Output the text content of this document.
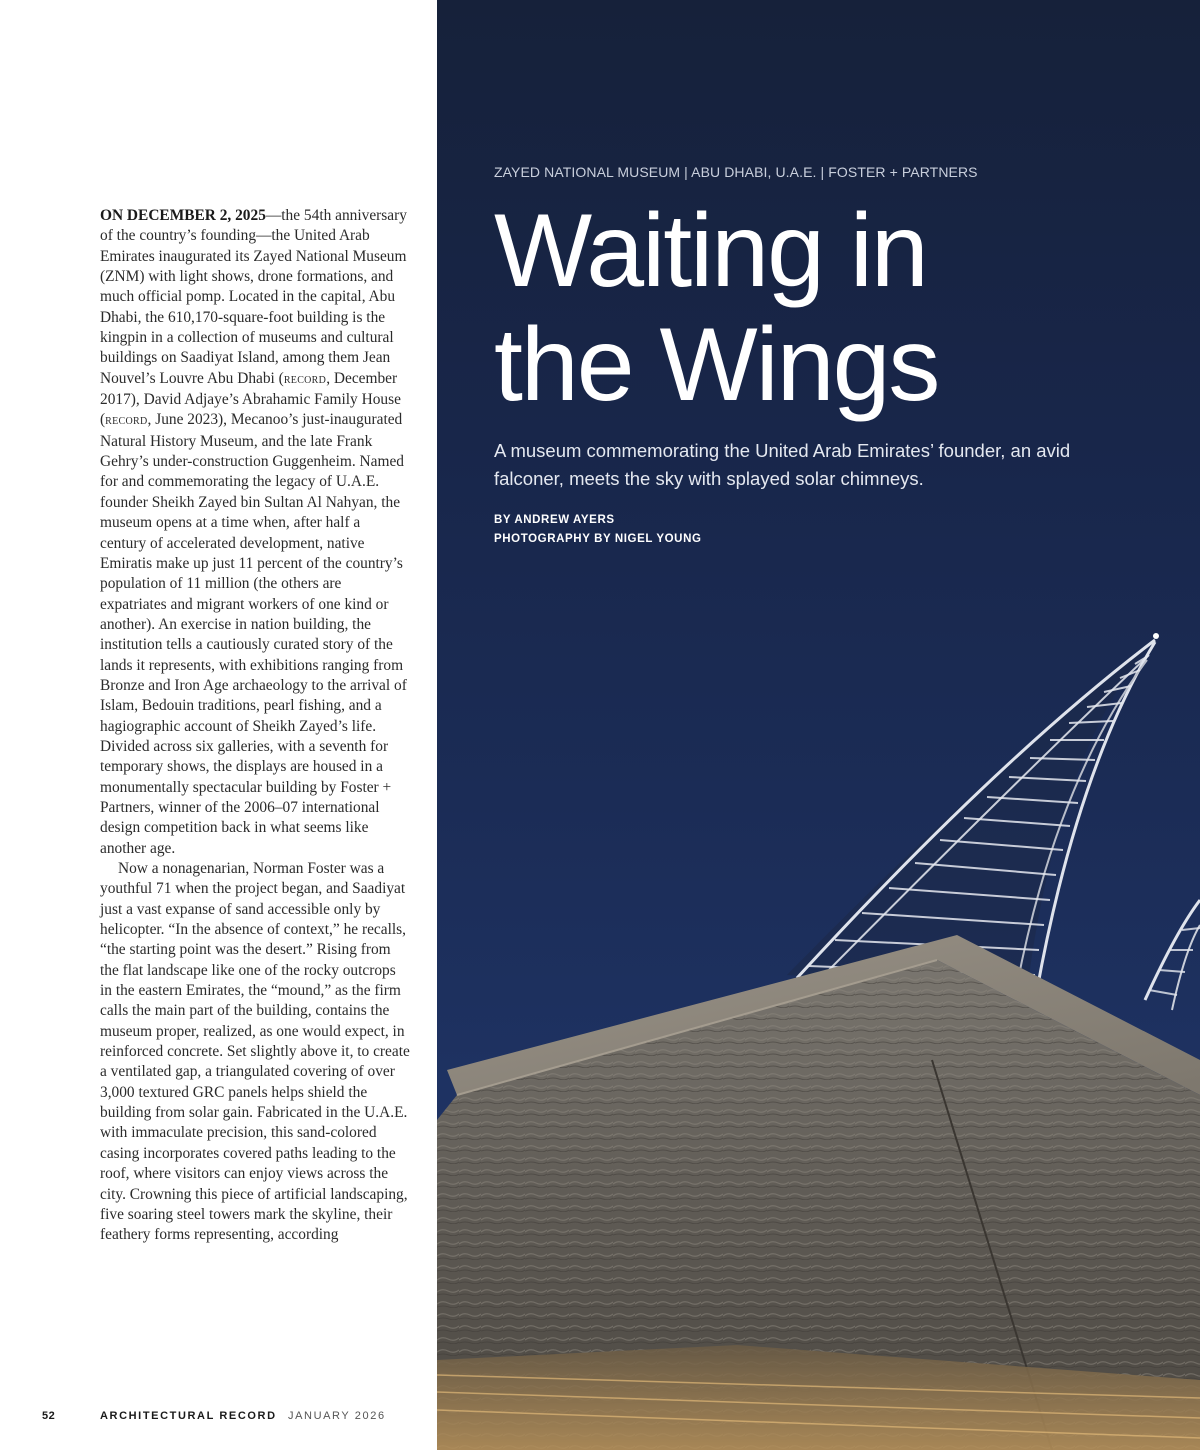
ON DECEMBER 2, 2025—the 54th anniversary of the country’s founding—the United Arab Emirates inaugurated its Zayed National Museum (ZNM) with light shows, drone formations, and much official pomp. Located in the capital, Abu Dhabi, the 610,170-square-foot building is the kingpin in a collection of museums and cultural buildings on Saadiyat Island, among them Jean Nouvel’s Louvre Abu Dhabi (record, December 2017), David Adjaye’s Abrahamic Family House (record, June 2023), Mecanoo’s just-inaugurated Natural History Museum, and the late Frank Gehry’s under-construction Guggenheim. Named for and commemorating the legacy of U.A.E. founder Sheikh Zayed bin Sultan Al Nahyan, the museum opens at a time when, after half a century of accelerated development, native Emiratis make up just 11 percent of the country’s population of 11 million (the others are expatriates and migrant workers of one kind or another). An exercise in nation building, the institution tells a cautiously curated story of the lands it represents, with exhibitions ranging from Bronze and Iron Age archaeology to the arrival of Islam, Bedouin traditions, pearl fishing, and a hagiographic account of Sheikh Zayed’s life. Divided across six galleries, with a seventh for temporary shows, the displays are housed in a monumentally spectacular building by Foster + Partners, winner of the 2006–07 international design competition back in what seems like another age.

Now a nonagenarian, Norman Foster was a youthful 71 when the project began, and Saadiyat just a vast expanse of sand accessible only by helicopter. “In the absence of context,” he recalls, “the starting point was the desert.” Rising from the flat landscape like one of the rocky outcrops in the eastern Emirates, the “mound,” as the firm calls the main part of the building, contains the museum proper, realized, as one would expect, in reinforced concrete. Set slightly above it, to create a ventilated gap, a triangulated covering of over 3,000 textured GRC panels helps shield the building from solar gain. Fabricated in the U.A.E. with immaculate precision, this sand-colored casing incorporates covered paths leading to the roof, where visitors can enjoy views across the city. Crowning this piece of artificial landscaping, five soaring steel towers mark the skyline, their feathery forms representing, according

52	ARCHITECTURAL RECORD JANUARY 2026
ZAYED NATIONAL MUSEUM | ABU DHABI, U.A.E. | FOSTER + PARTNERS
Waiting in
the Wings
A museum commemorating the United Arab Emirates’ founder, an avid falconer, meets the sky with splayed solar chimneys.
BY ANDREW AYERS
PHOTOGRAPHY BY NIGEL YOUNG
